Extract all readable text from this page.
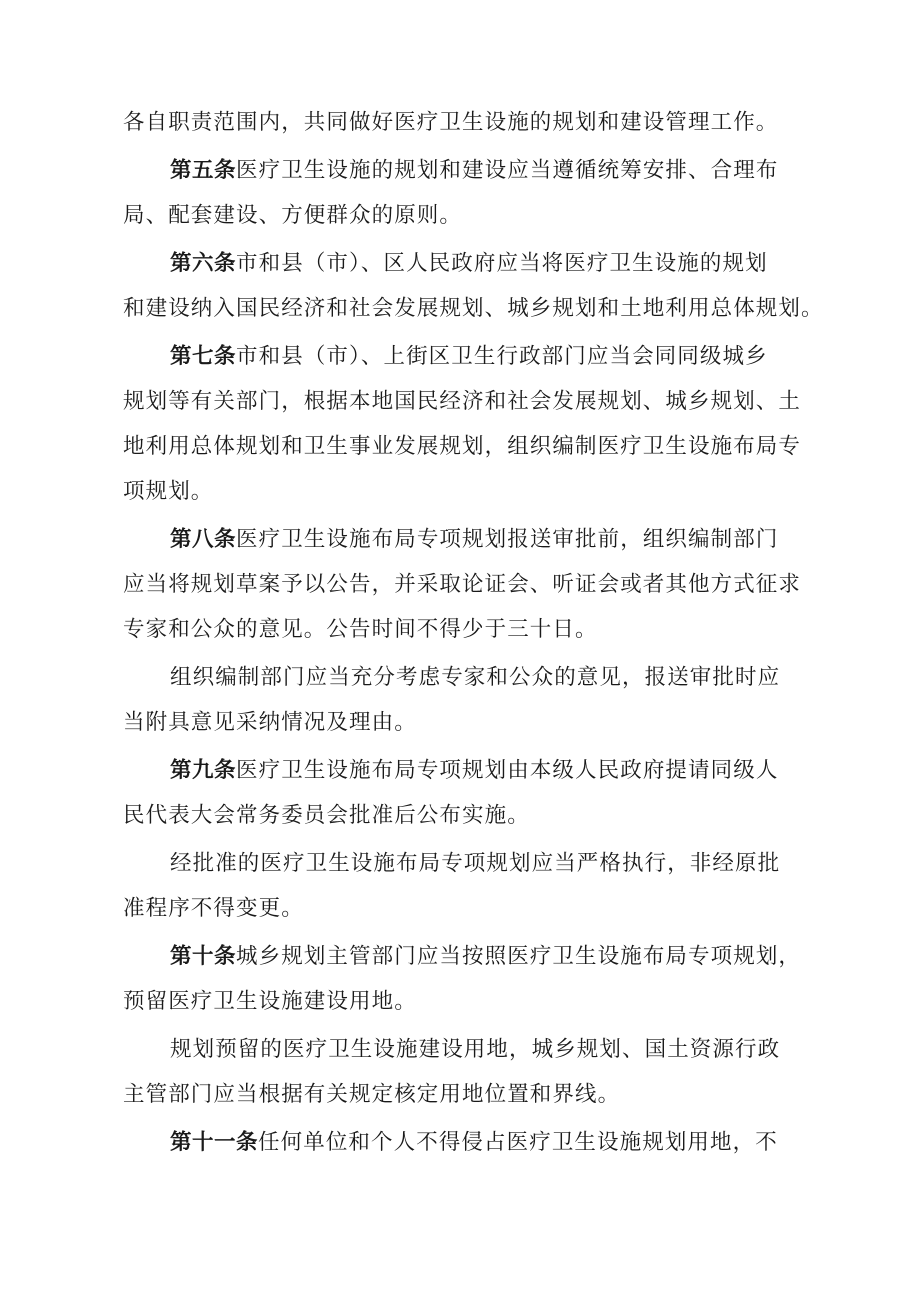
各自职责范围内，共同做好医疗卫生设施的规划和建设管理工作。
第五条医疗卫生设施的规划和建设应当遵循统筹安排、合理布
局、配套建设、方便群众的原则。
第六条市和县（市）、区人民政府应当将医疗卫生设施的规划
和建设纳入国民经济和社会发展规划、城乡规划和土地利用总体规划。
第七条市和县（市）、上街区卫生行政部门应当会同同级城乡
规划等有关部门，根据本地国民经济和社会发展规划、城乡规划、土
地利用总体规划和卫生事业发展规划，组织编制医疗卫生设施布局专
项规划。
第八条医疗卫生设施布局专项规划报送审批前，组织编制部门
应当将规划草案予以公告，并采取论证会、听证会或者其他方式征求
专家和公众的意见。公告时间不得少于三十日。
组织编制部门应当充分考虑专家和公众的意见，报送审批时应
当附具意见采纳情况及理由。
第九条医疗卫生设施布局专项规划由本级人民政府提请同级人
民代表大会常务委员会批准后公布实施。
经批准的医疗卫生设施布局专项规划应当严格执行，非经原批
准程序不得变更。
第十条城乡规划主管部门应当按照医疗卫生设施布局专项规划，
预留医疗卫生设施建设用地。
规划预留的医疗卫生设施建设用地，城乡规划、国土资源行政
主管部门应当根据有关规定核定用地位置和界线。
第十一条任何单位和个人不得侵占医疗卫生设施规划用地，不
